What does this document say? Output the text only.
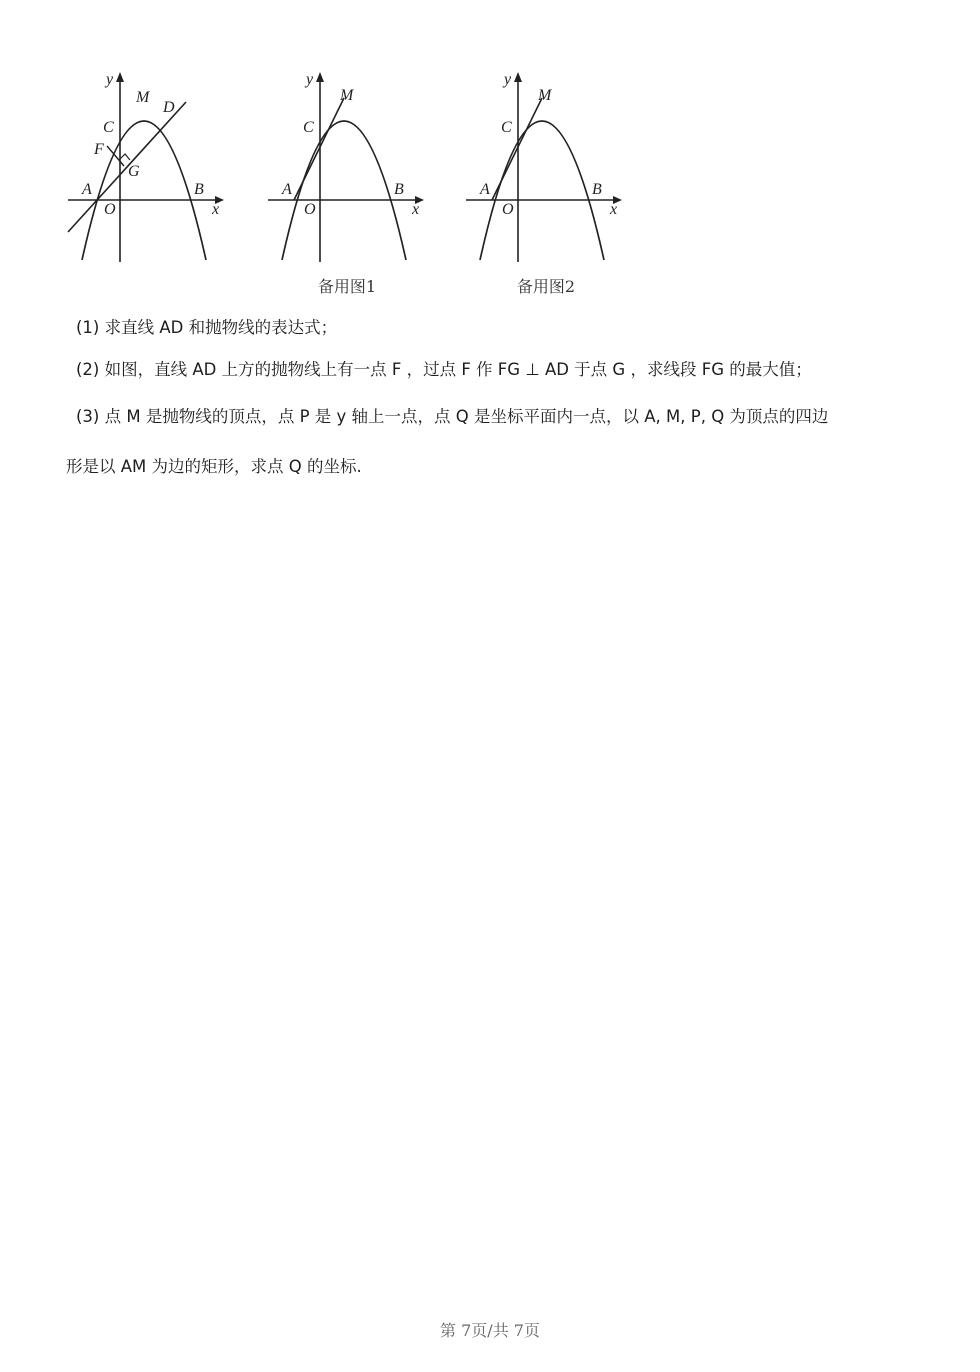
y
x
M
D
C
F
G
A
O
B
y
x
M
C
A
O
B
y
x
M
C
A
O
B
备用图1	备用图2
(1) 求直线 AD 和抛物线的表达式；
(2) 如图，直线 AD 上方的抛物线上有一点 F ，过点 F 作 FG ⊥ AD 于点 G ，求线段 FG 的最大值；
(3) 点 M 是抛物线的顶点，点 P 是 y 轴上一点，点 Q 是坐标平面内一点，以 A, M, P, Q 为顶点的四边
形是以 AM 为边的矩形，求点 Q 的坐标.
第 7页/共 7页
